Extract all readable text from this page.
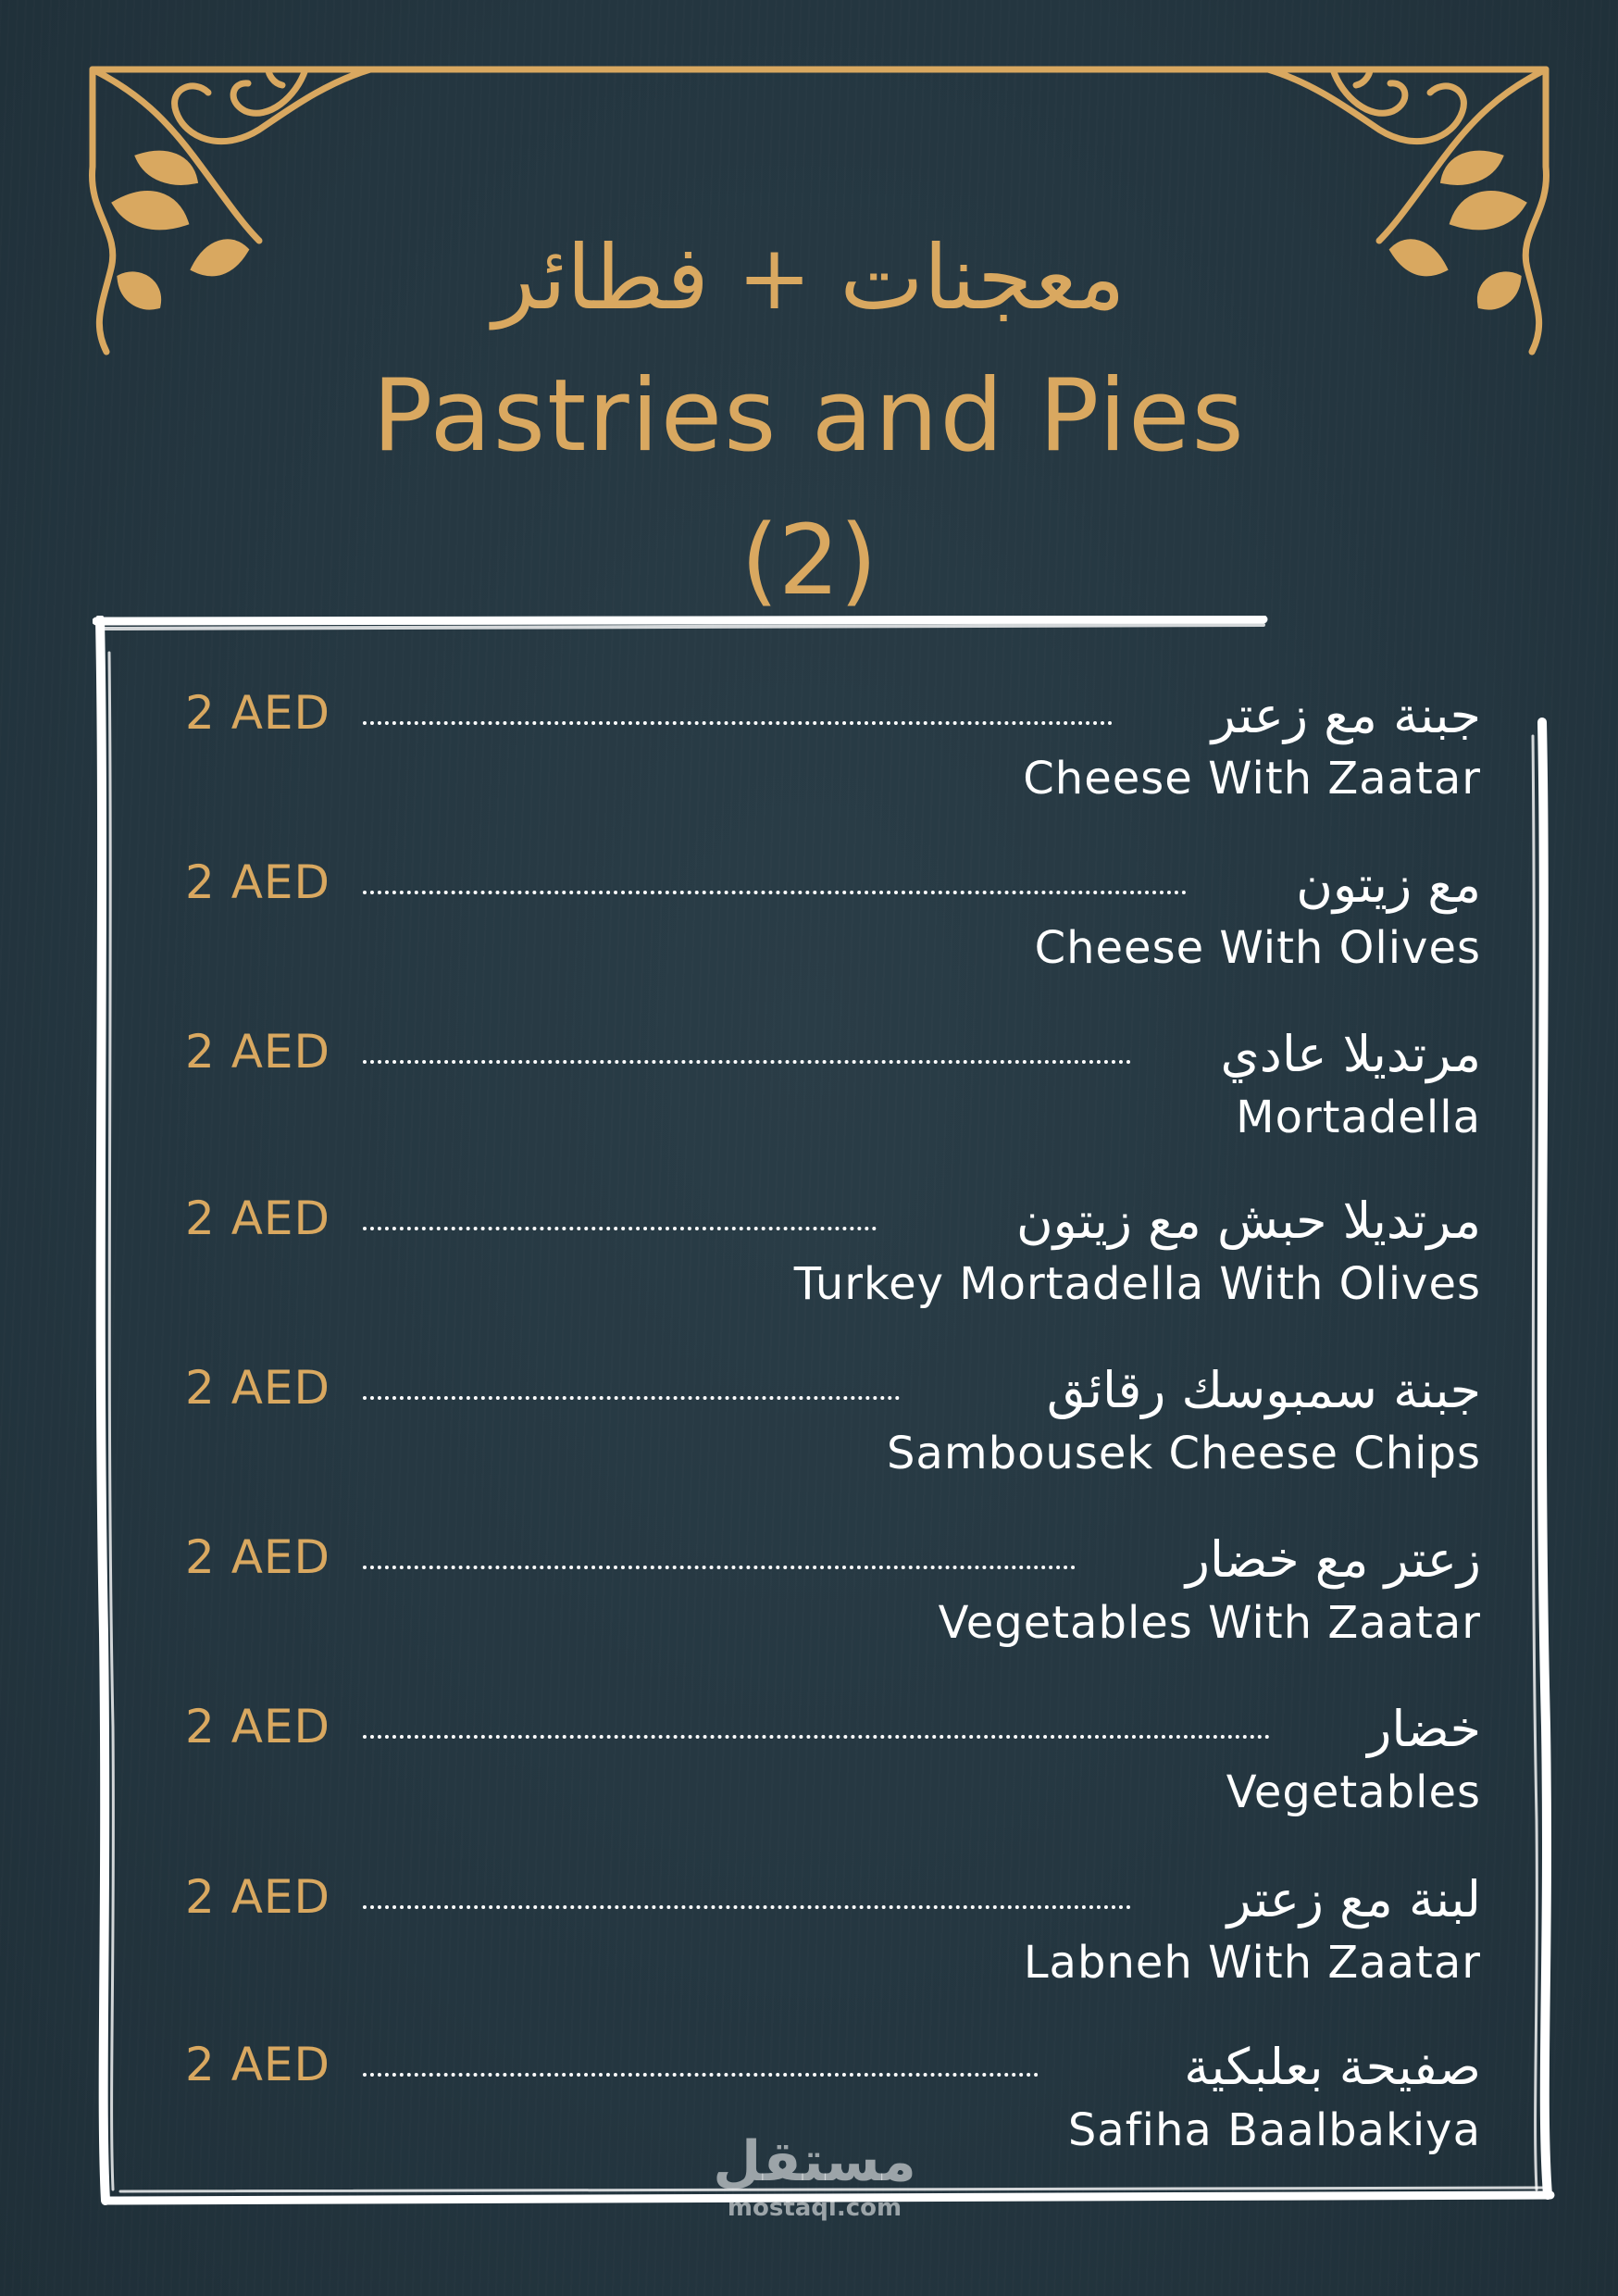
معجنات + فطائر
Pastries and Pies
(2)
2 AED	جبنة مع زعتر
Cheese With Zaatar
2 AED	مع زيتون
Cheese With Olives
2 AED	مرتديلا عادي
Mortadella
2 AED	مرتديلا حبش مع زيتون
Turkey Mortadella With Olives
2 AED	جبنة سمبوسك رقائق
Sambousek Cheese Chips
2 AED	زعتر مع خضار
Vegetables With Zaatar
2 AED	خضار
Vegetables
2 AED	لبنة مع زعتر
Labneh With Zaatar
2 AED	صفيحة بعلبكية
Safiha Baalbakiya
مستقل
mostaql.com
